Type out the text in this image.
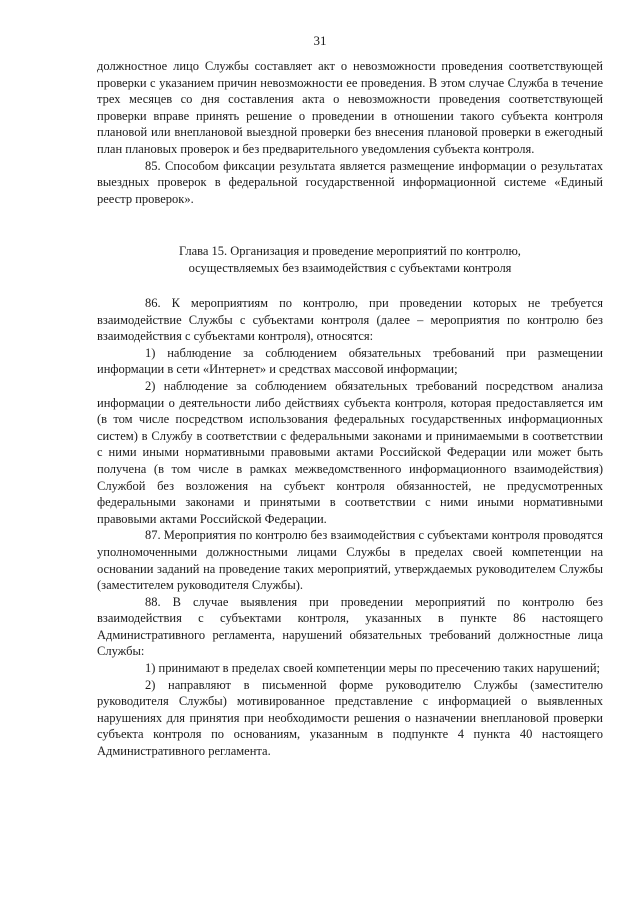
31

должностное лицо Службы составляет акт о невозможности проведения соответствующей проверки с указанием причин невозможности ее проведения. В этом случае Служба в течение трех месяцев со дня составления акта о невозможности проведения соответствующей проверки вправе принять решение о проведении в отношении такого субъекта контроля плановой или внеплановой выездной проверки без внесения плановой проверки в ежегодный план плановых проверок и без предварительного уведомления субъекта контроля.

85. Способом фиксации результата является размещение информации о результатах выездных проверок в федеральной государственной информационной системе «Единый реестр проверок».

Глава 15. Организация и проведение мероприятий по контролю,

осуществляемых без взаимодействия с субъектами контроля

86. К мероприятиям по контролю, при проведении которых не требуется взаимодействие Службы с субъектами контроля (далее – мероприятия по контролю без взаимодействия с субъектами контроля), относятся:

1) наблюдение за соблюдением обязательных требований при размещении информации в сети «Интернет» и средствах массовой информации;

2) наблюдение за соблюдением обязательных требований посредством анализа информации о деятельности либо действиях субъекта контроля, которая предоставляется им (в том числе посредством использования федеральных государственных информационных систем) в Службу в соответствии с федеральными законами и принимаемыми в соответствии с ними иными нормативными правовыми актами Российской Федерации или может быть получена (в том числе в рамках межведомственного информационного взаимодействия) Службой без возложения на субъект контроля обязанностей, не предусмотренных федеральными законами и принятыми в соответствии с ними иными нормативными правовыми актами Российской Федерации.

87. Мероприятия по контролю без взаимодействия с субъектами контроля проводятся уполномоченными должностными лицами Службы в пределах своей компетенции на основании заданий на проведение таких мероприятий, утверждаемых руководителем Службы (заместителем руководителя Службы).

88. В случае выявления при проведении мероприятий по контролю без взаимодействия с субъектами контроля, указанных в пункте 86 настоящего Административного регламента, нарушений обязательных требований должностные лица Службы:

1) принимают в пределах своей компетенции меры по пресечению таких нарушений;

2) направляют в письменной форме руководителю Службы (заместителю руководителя Службы) мотивированное представление с информацией о выявленных нарушениях для принятия при необходимости решения о назначении внеплановой проверки субъекта контроля по основаниям, указанным в подпункте 4 пункта 40 настоящего Административного регламента.
